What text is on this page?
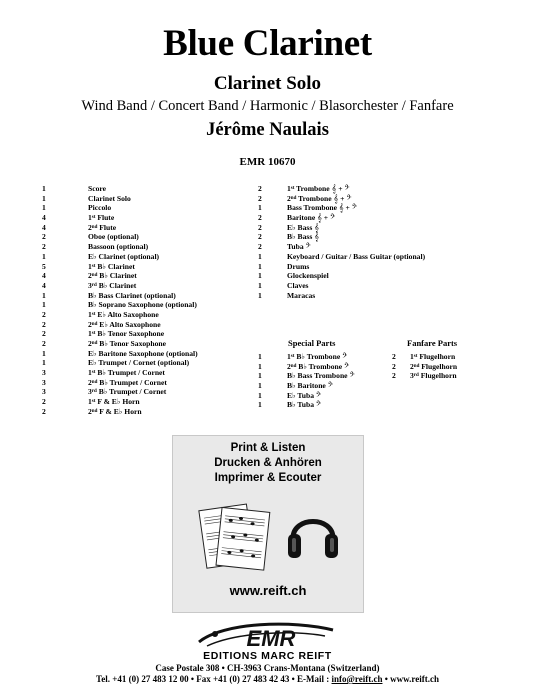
Blue Clarinet
Clarinet Solo
Wind Band / Concert Band / Harmonic / Blasorchester / Fanfare
Jérôme Naulais
EMR 10670
1	Score
1	Clarinet Solo
1	Piccolo
4	1st Flute
4	2nd Flute
2	Oboe (optional)
2	Bassoon (optional)
1	E♭ Clarinet (optional)
5	1st B♭ Clarinet
4	2nd B♭ Clarinet
4	3rd B♭ Clarinet
1	B♭ Bass Clarinet (optional)
1	B♭ Soprano Saxophone (optional)
2	1st E♭ Alto Saxophone
2	2nd E♭ Alto Saxophone
2	1st B♭ Tenor Saxophone
2	2nd B♭ Tenor Saxophone
1	E♭ Baritone Saxophone (optional)
1	E♭ Trumpet / Cornet (optional)
3	1st B♭ Trumpet / Cornet
3	2nd B♭ Trumpet / Cornet
3	3rd B♭ Trumpet / Cornet
2	1st F & E♭ Horn
2	2nd F & E♭ Horn
2	1st Trombone 𝄞 + 𝄢
2	2nd Trombone 𝄞 + 𝄢
1	Bass Trombone 𝄞 + 𝄢
2	Baritone 𝄞 + 𝄢
2	E♭ Bass 𝄞
2	B♭ Bass 𝄞
2	Tuba 𝄢
1	Keyboard / Guitar / Bass Guitar (optional)
1	Drums
1	Glockenspiel
1	Claves
1	Maracas
Special Parts	Fanfare Parts
1	1st B♭ Trombone 𝄢
1	2nd B♭ Trombone 𝄢
1	B♭ Bass Trombone 𝄢
1	B♭ Baritone 𝄢
1	E♭ Tuba 𝄢
1	B♭ Tuba 𝄢
2 1st Flugelhorn
2 2nd Flugelhorn
2 3rd Flugelhorn
Print & Listen
Drucken & Anhören
Imprimer & Ecouter
www.reift.ch
EMR
EDITIONS MARC REIFT
Case Postale 308 • CH-3963 Crans-Montana (Switzerland)
Tel. +41 (0) 27 483 12 00 • Fax +41 (0) 27 483 42 43 • E-Mail : info@reift.ch • www.reift.ch
